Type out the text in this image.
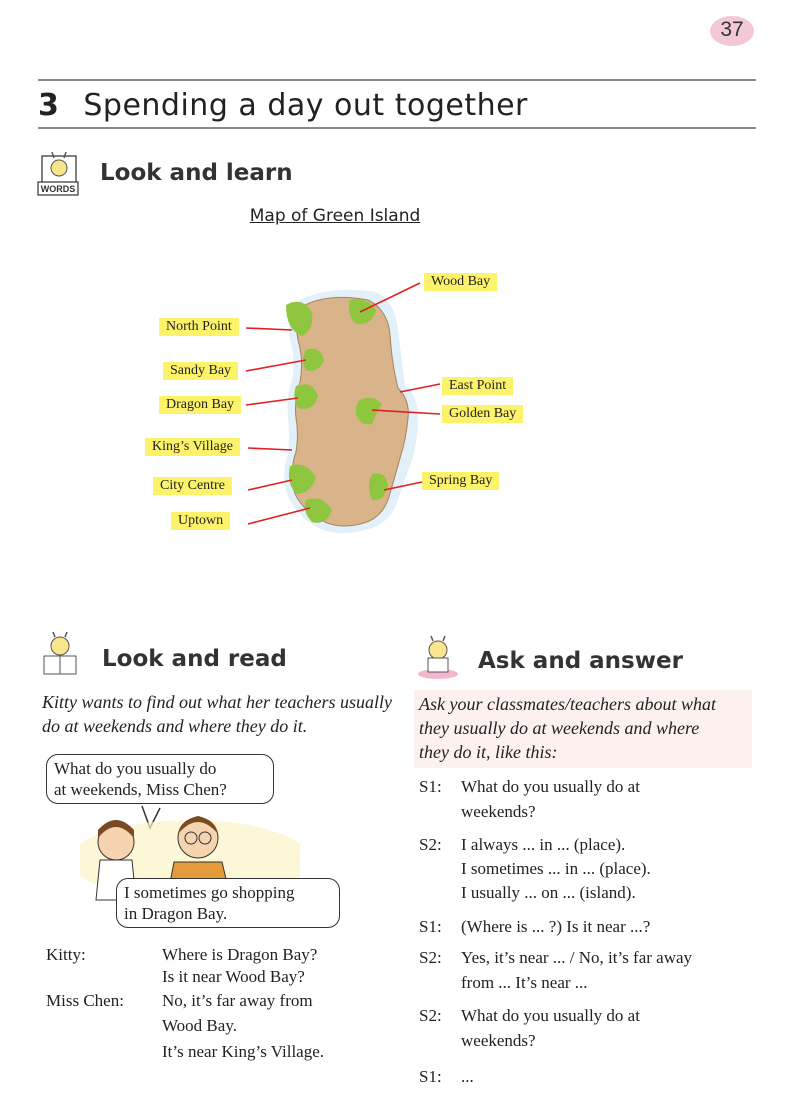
37
3 Spending a day out together
WORDS
Look and learn
Map of Green Island
North Point
Sandy Bay
Dragon Bay
King’s Village
City Centre
Uptown
Wood Bay
East Point
Golden Bay
Spring Bay
Look and read
Kitty wants to find out what her teachers usually do at weekends and where they do it.
What do you usually do
at weekends, Miss Chen?
I sometimes go shopping
in Dragon Bay.
Kitty:	Where is Dragon Bay?
Is it near Wood Bay?
Miss Chen: No, it’s far away from
Wood Bay.
It’s near King’s Village.
Ask and answer
Ask your classmates/teachers about what
they usually do at weekends and where
they do it, like this:
S1:	What do you usually do at
weekends?
S2:	I always ... in ... (place).
I sometimes ... in ... (place).
I usually ... on ... (island).
S1:	(Where is ... ?) Is it near ...?
S2:	Yes, it’s near ... / No, it’s far away
from ... It’s near ...
S2:	What do you usually do at
weekends?
S1:	...
